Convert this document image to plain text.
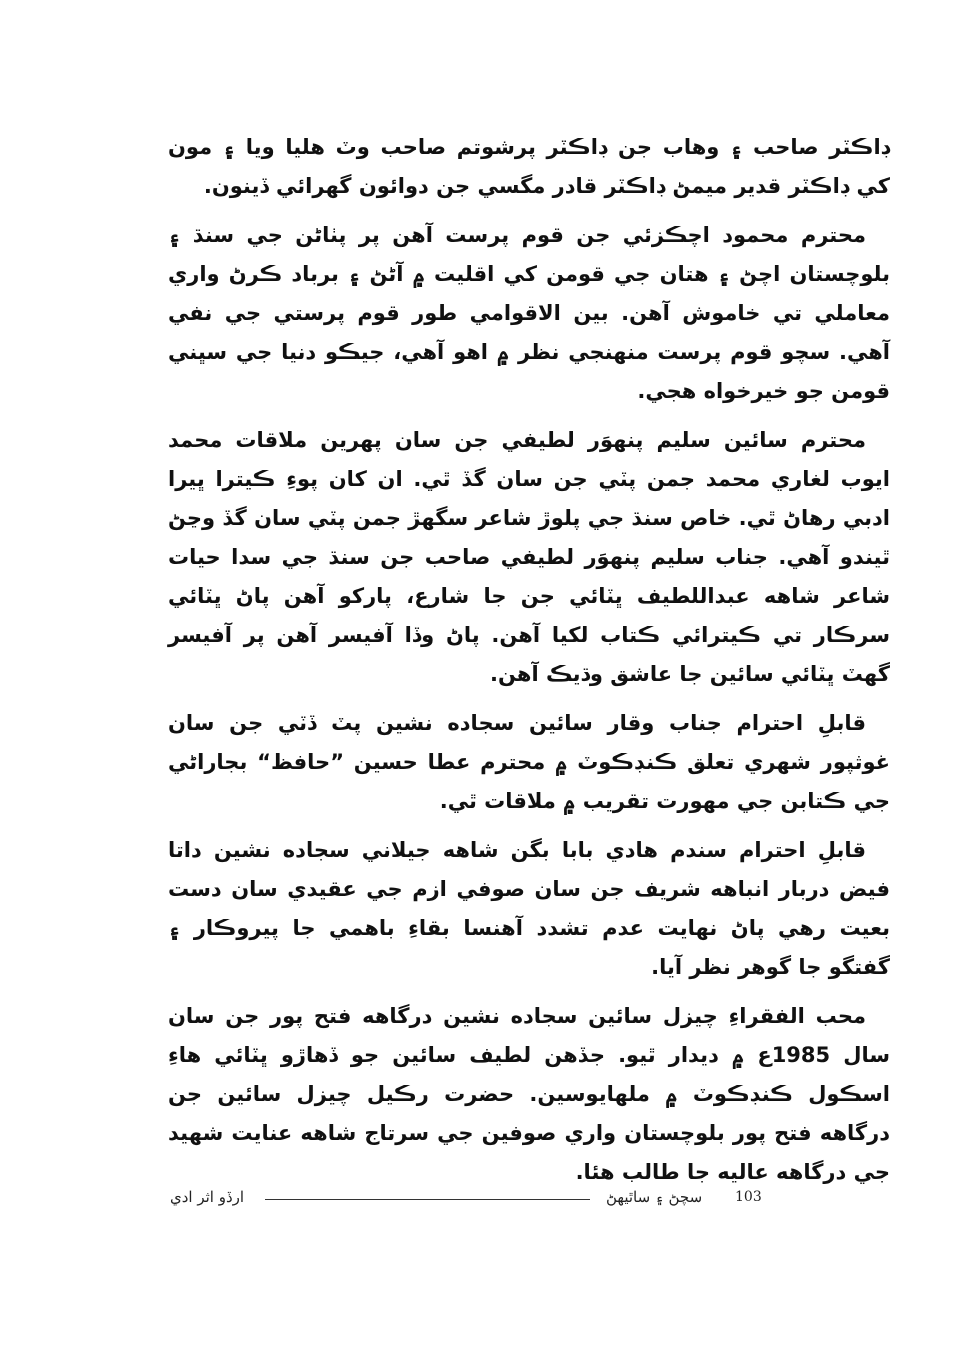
ڊاڪٽر صاحب ۽ وهاب جن ڊاڪٽر پرشوتم صاحب وٽ هليا ويا ۽ مون کي ڊاڪٽر قدير ميمڻ ڊاڪٽر قادر مگسي جن دوائون گهرائي ڏينون.

محترم محمود اچڪزئي جن قوم پرست آهن پر پٺاڻن جي سنڌ ۽ بلوچستان اچڻ ۽ هتان جي قومن کي اقليت ۾ آڻڻ ۽ برباد ڪرڻ واري معاملي تي خاموش آهن. بين الاقوامي طور قوم پرستي جي نفي آهي. سچو قوم پرست منهنجي نظر ۾ اهو آهي، جيڪو دنيا جي سڀني قومن جو خيرخواه هجي.

محترم سائين سليم پنهوَر لطيفي جن سان پهرين ملاقات محمد ايوب لغاري محمد جمن پٽي جن سان گڏ ٿي. ان کان پوءِ ڪيترا ڀيرا ادبي رهاڻ ٿي. خاص سنڌ جي پلوڙ شاعر سگهڙ جمن پٽي سان گڏ وڃڻ ٿيندو آهي. جناب سليم پنهوَر لطيفي صاحب جن سنڌ جي سدا حيات شاعر شاهه عبداللطيف ڀٽائي جن جا شارع، پارکو آهن پاڻ ڀٽائي سرڪار تي ڪيترائي ڪتاب لکيا آهن. پاڻ وڏا آفيسر آهن پر آفيسر گهٽ ڀٽائي سائين جا عاشق وڌيڪ آهن.

قابلِ احترام جناب وقار سائين سجاده نشين پٽ ڏٽي جن سان غوثپور شهري تعلق ڪنڊڪوٽ ۾ محترم عطا حسين ”حافظ“ بجاراڻي جي ڪتابن جي مهورت تقريب ۾ ملاقات ٿي.

قابلِ احترام سندم هادي بابا بگن شاهه جيلاني سجاده نشين داتا فيض دربار انباهه شريف جن سان صوفي ازم جي عقيدي سان دست بعيت رهي پاڻ نهايت عدم تشدد آهنسا بقاءِ باهمي جا پيروڪار ۽ گفتگو جا گوهر نظر آيا.

محب الفقراءِ چيزل سائين سجاده نشين درگاهه فتح پور جن سان سال 1985ع ۾ ديدار ٿيو. جڏهن لطيف سائين جو ڏهاڙو ڀٽائي هاءِ اسڪول ڪنڊڪوٽ ۾ ملهايوسين. حضرت رڪيل چيزل سائين جن درگاهه فتح پور بلوچستان واري صوفين جي سرتاج شاهه عنايت شهيد جي درگاهه عاليه جا طالب هئا.

ارڏو اثر ادي	سچڻ ۽ ساٿيهڻ 103
